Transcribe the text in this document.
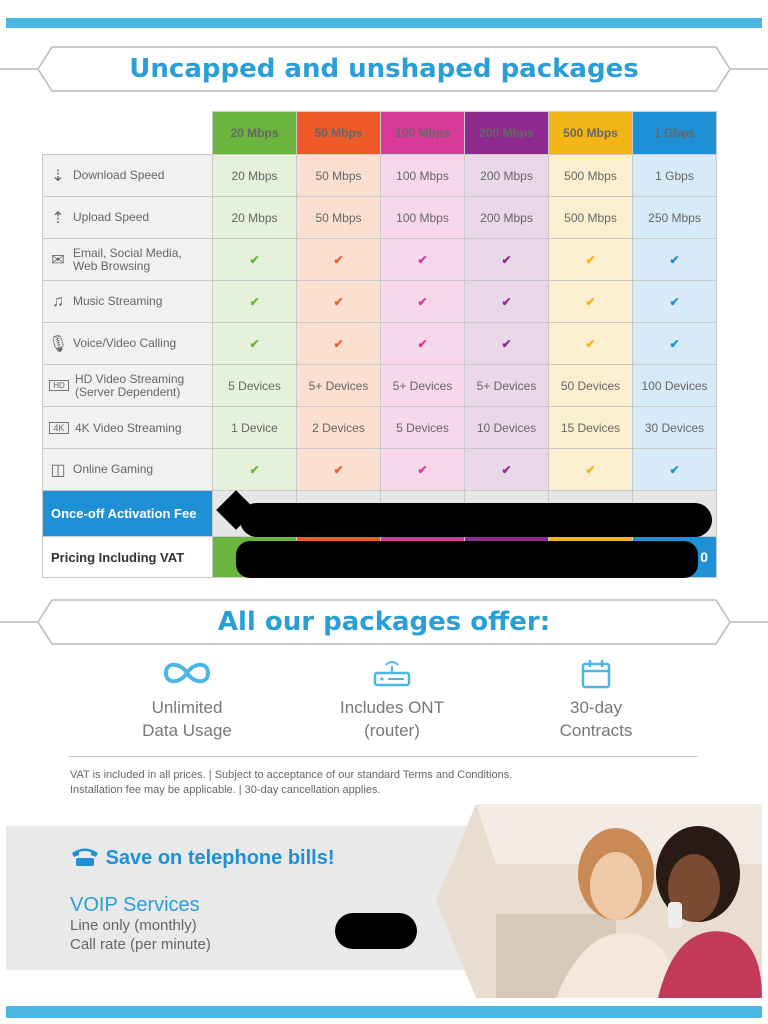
Uncapped and unshaped packages
	20 Mbps	50 Mbps	100 Mbps	200 Mbps	500 Mbps	1 Gbps
⇣ Download Speed	20 Mbps	50 Mbps	100 Mbps	200 Mbps	500 Mbps	1 Gbps
⇡ Upload Speed	20 Mbps	50 Mbps	100 Mbps	200 Mbps	500 Mbps	250 Mbps
✉ Email, Social Media, Web Browsing	✔	✔	✔	✔	✔	✔
♫ Music Streaming	✔	✔	✔	✔	✔	✔
🎙 Voice/Video Calling	✔	✔	✔	✔	✔	✔
HD HD Video Streaming (Server Dependent)	5 Devices	5+ Devices	5+ Devices	5+ Devices	50 Devices	100 Devices
4K 4K Video Streaming	1 Device	2 Devices	5 Devices	10 Devices	15 Devices	30 Devices
◫ Online Gaming	✔	✔	✔	✔	✔	✔
Once-off Activation Fee						
Pricing Including VAT						0
All our packages offer:
Unlimited
Data Usage
Includes ONT
(router)
30-day
Contracts
VAT is included in all prices. | Subject to acceptance of our standard Terms and Conditions.
Installation fee may be applicable. | 30-day cancellation applies.
Save on telephone bills!
VOIP Services
Line only (monthly)
Call rate (per minute)
